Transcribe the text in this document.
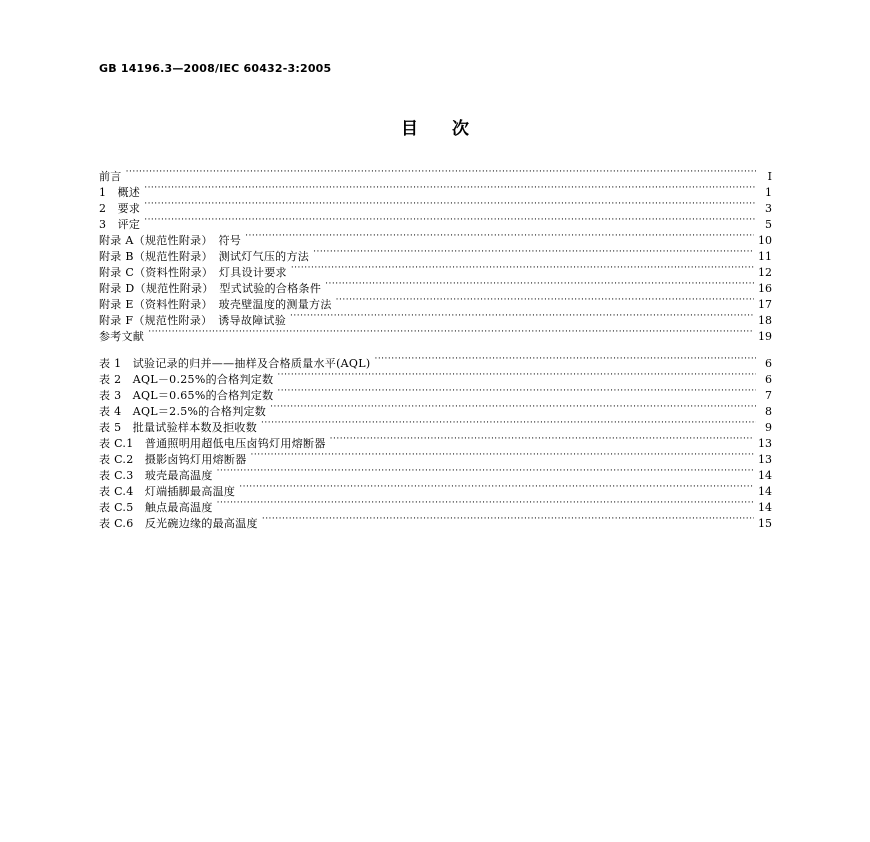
GB 14196.3—2008/IEC 60432-3:2005
目　　次
前言 ·····	I
1　概述 ·····	1
2　要求 ·····	3
3　评定 ·····	5
附录 A（规范性附录）　符号 ·····	10
附录 B（规范性附录）　测试灯气压的方法 ·····	11
附录 C（资料性附录）　灯具设计要求 ·····	12
附录 D（规范性附录）　型式试验的合格条件 ·····	16
附录 E（资料性附录）　玻壳壁温度的测量方法 ·····	17
附录 F（规范性附录）　诱导故障试验 ·····	18
参考文献 ·····	19
表 1　试验记录的归并——抽样及合格质量水平(AQL) ·····	6
表 2　AQL－0.25%的合格判定数 ·····	6
表 3　AQL＝0.65%的合格判定数 ·····	7
表 4　AQL＝2.5%的合格判定数 ·····	8
表 5　批量试验样本数及拒收数 ·····	9
表 C.1　普通照明用超低电压卤钨灯用熔断器 ·····	13
表 C.2　摄影卤钨灯用熔断器 ·····	13
表 C.3　玻壳最高温度 ·····	14
表 C.4　灯端插脚最高温度 ·····	14
表 C.5　触点最高温度 ·····	14
表 C.6　反光碗边缘的最高温度 ·····	15
